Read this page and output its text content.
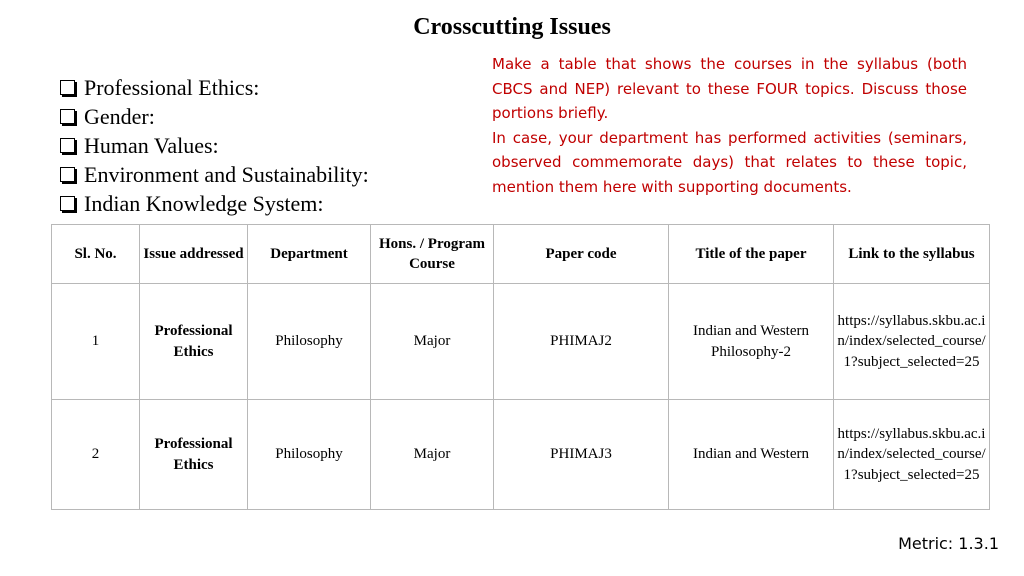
Crosscutting Issues
Professional Ethics:
Gender:
Human Values:
Environment and Sustainability:
Indian Knowledge System:

Make a table that shows the courses in the syllabus (both CBCS and NEP) relevant to these FOUR topics. Discuss those portions briefly.

In case, your department has performed activities (seminars, observed commemorate days) that relates to these topic, mention them here with supporting documents.

Sl. No.	Issue addressed	Department	Hons. / Program Course	Paper code	Title of the paper	Link to the syllabus
1	Professional Ethics	Philosophy	Major	PHIMAJ2	Indian and Western Philosophy-2	https://syllabus.skbu.ac.in/index/selected_course/1?subject_selected=25
2	Professional Ethics	Philosophy	Major	PHIMAJ3	Indian and Western	https://syllabus.skbu.ac.in/index/selected_course/1?subject_selected=25
Metric: 1.3.1
